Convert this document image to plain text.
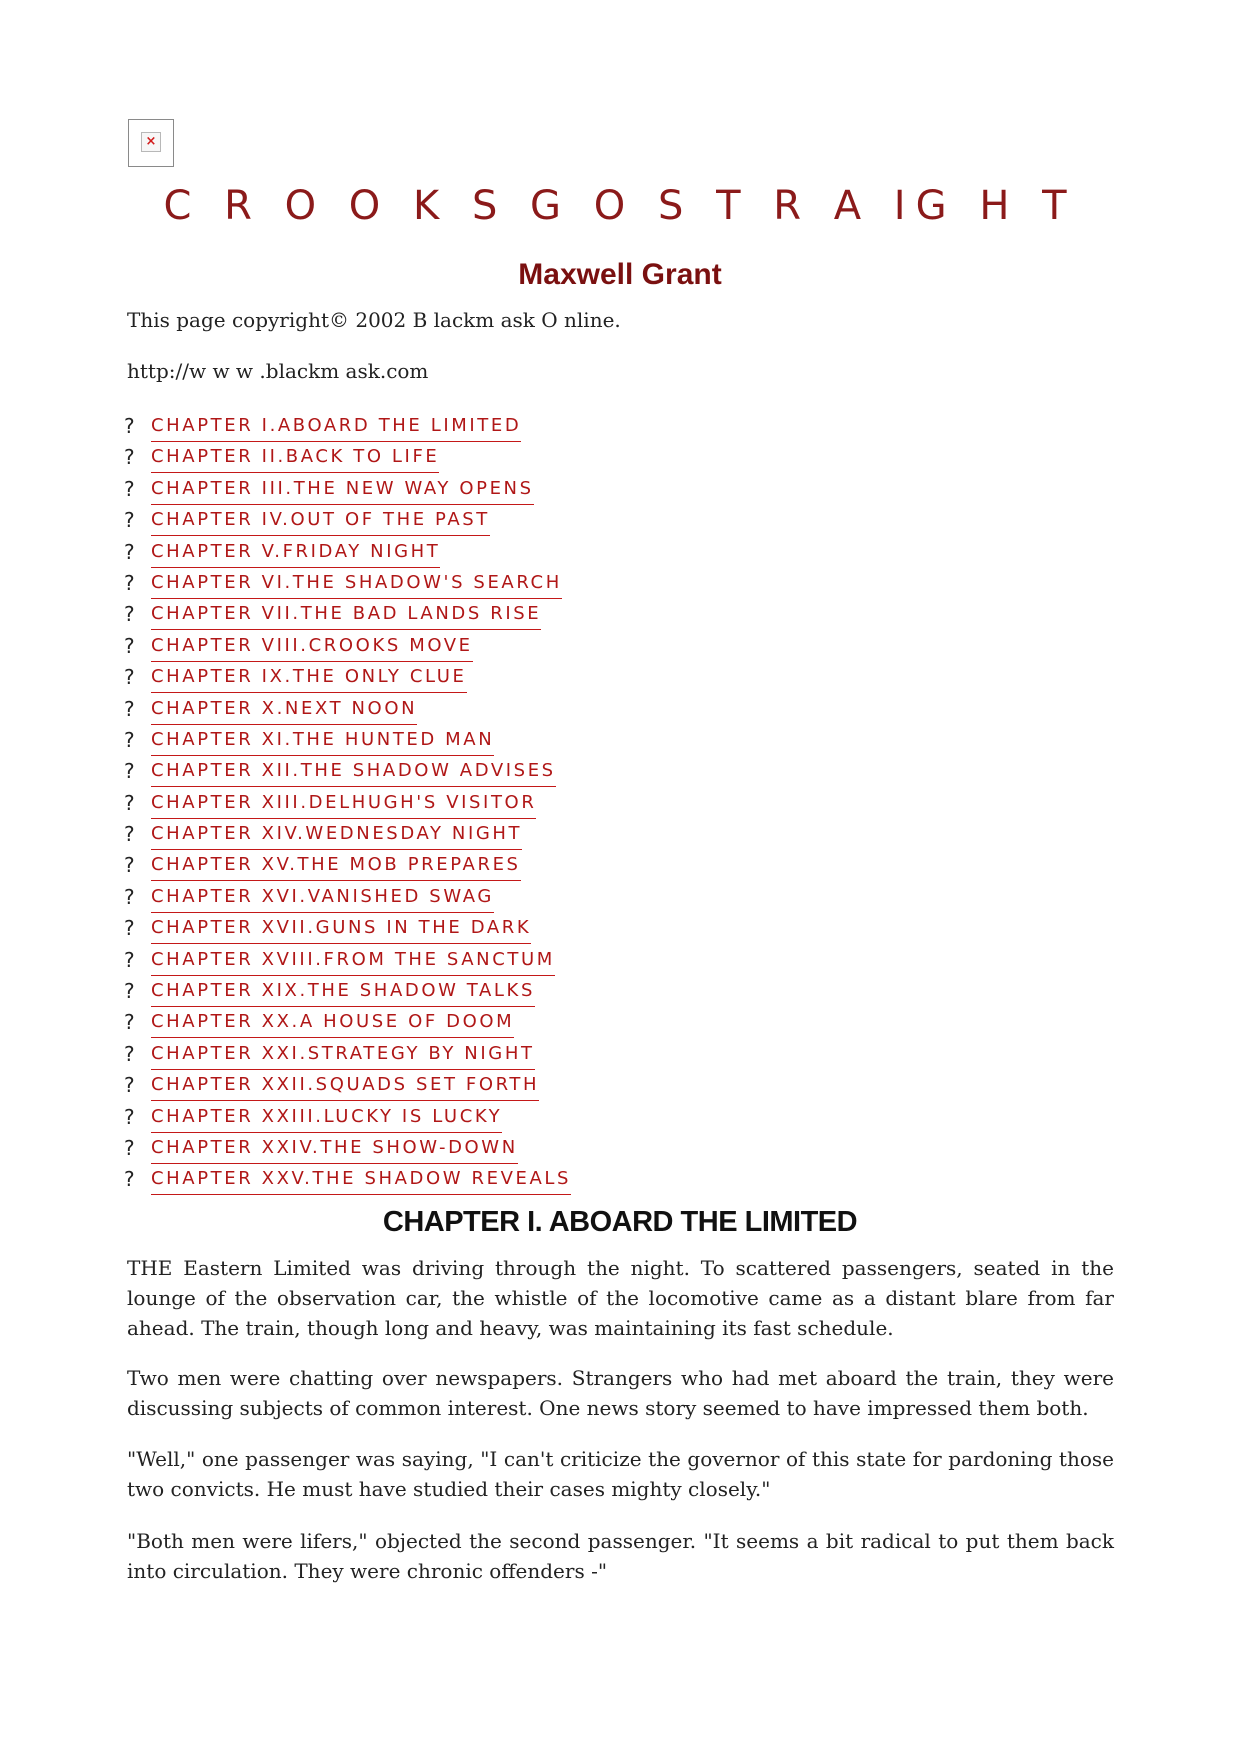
×
C R O O K S G O S T R A IG H T
Maxwell Grant
This page copyright© 2002 B lackm ask O nline.
http://w w w .blackm ask.com
? CHAPTER I.ABOARD THE LIMITED
? CHAPTER II.BACK TO LIFE
? CHAPTER III.THE NEW WAY OPENS
? CHAPTER IV.OUT OF THE PAST
? CHAPTER V.FRIDAY NIGHT
? CHAPTER VI.THE SHADOW'S SEARCH
? CHAPTER VII.THE BAD LANDS RISE
? CHAPTER VIII.CROOKS MOVE
? CHAPTER IX.THE ONLY CLUE
? CHAPTER X.NEXT NOON
? CHAPTER XI.THE HUNTED MAN
? CHAPTER XII.THE SHADOW ADVISES
? CHAPTER XIII.DELHUGH'S VISITOR
? CHAPTER XIV.WEDNESDAY NIGHT
? CHAPTER XV.THE MOB PREPARES
? CHAPTER XVI.VANISHED SWAG
? CHAPTER XVII.GUNS IN THE DARK
? CHAPTER XVIII.FROM THE SANCTUM
? CHAPTER XIX.THE SHADOW TALKS
? CHAPTER XX.A HOUSE OF DOOM
? CHAPTER XXI.STRATEGY BY NIGHT
? CHAPTER XXII.SQUADS SET FORTH
? CHAPTER XXIII.LUCKY IS LUCKY
? CHAPTER XXIV.THE SHOW-DOWN
? CHAPTER XXV.THE SHADOW REVEALS
CHAPTER I. ABOARD THE LIMITED

THE Eastern Limited was driving through the night. To scattered passengers, seated in the lounge of the observation car, the whistle of the locomotive came as a distant blare from far ahead. The train, though long and heavy, was maintaining its fast schedule.

Two men were chatting over newspapers. Strangers who had met aboard the train, they were discussing subjects of common interest. One news story seemed to have impressed them both.

"Well," one passenger was saying, "I can't criticize the governor of this state for pardoning those two convicts. He must have studied their cases mighty closely."

"Both men were lifers," objected the second passenger. "It seems a bit radical to put them back into circulation. They were chronic offenders -"
